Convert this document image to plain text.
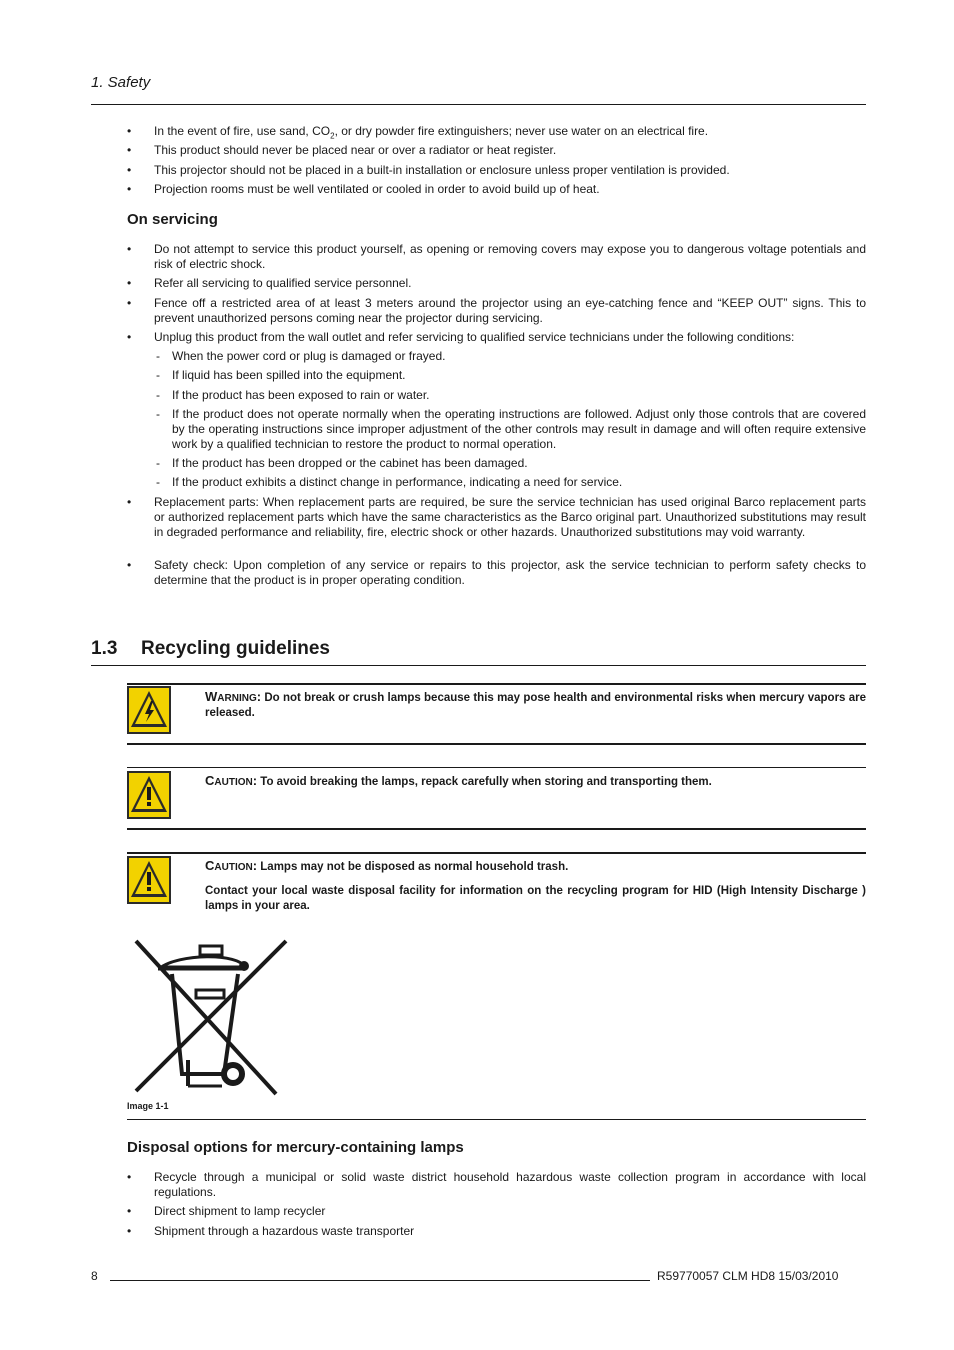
1. Safety
• In the event of fire, use sand, $CO_2$, or dry powder fire extinguishers; never use water on an electrical fire.
• This product should never be placed near or over a radiator or heat register.
• This projector should not be placed in a built-in installation or enclosure unless proper ventilation is provided.
• Projection rooms must be well ventilated or cooled in order to avoid build up of heat.
On servicing
• Do not attempt to service this product yourself, as opening or removing covers may expose you to dangerous voltage potentials and risk of electric shock.
• Refer all servicing to qualified service personnel.
• Fence off a restricted area of at least 3 meters around the projector using an eye-catching fence and “KEEP OUT” signs. This to prevent unauthorized persons coming near the projector during servicing.
• Unplug this product from the wall outlet and refer servicing to qualified service technicians under the following conditions:
- When the power cord or plug is damaged or frayed.
- If liquid has been spilled into the equipment.
- If the product has been exposed to rain or water.
- If the product does not operate normally when the operating instructions are followed. Adjust only those controls that are covered by the operating instructions since improper adjustment of the other controls may result in damage and will often require extensive work by a qualified technician to restore the product to normal operation.
- If the product has been dropped or the cabinet has been damaged.
- If the product exhibits a distinct change in performance, indicating a need for service.
• Replacement parts: When replacement parts are required, be sure the service technician has used original Barco replacement parts or authorized replacement parts which have the same characteristics as the Barco original part. Unauthorized substitutions may result in degraded performance and reliability, fire, electric shock or other hazards. Unauthorized substitutions may void warranty.
• Safety check: Upon completion of any service or repairs to this projector, ask the service technician to perform safety checks to determine that the product is in proper operating condition.
1.3 Recycling guidelines
WARNING: Do not break or crush lamps because this may pose health and environmental risks when mercury vapors are released.
CAUTION: To avoid breaking the lamps, repack carefully when storing and transporting them.
CAUTION: Lamps may not be disposed as normal household trash.
Contact your local waste disposal facility for information on the recycling program for HID (High Intensity Discharge ) lamps in your area.
Image 1-1
Disposal options for mercury-containing lamps
• Recycle through a municipal or solid waste district household hazardous waste collection program in accordance with local regulations.
• Direct shipment to lamp recycler
• Shipment through a hazardous waste transporter
8	R59770057 CLM HD8 15/03/2010
